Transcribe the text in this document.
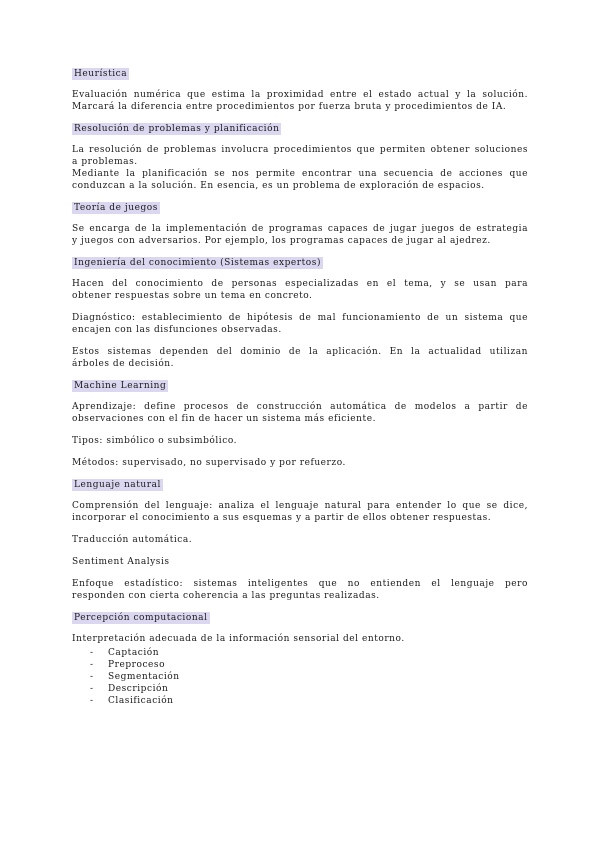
Heurística
Evaluación numérica que estima la proximidad entre el estado actual y la solución.
Marcará la diferencia entre procedimientos por fuerza bruta y procedimientos de IA.
Resolución de problemas y planificación
La resolución de problemas involucra procedimientos que permiten obtener soluciones
a problemas.
Mediante la planificación se nos permite encontrar una secuencia de acciones que
conduzcan a la solución. En esencia, es un problema de exploración de espacios.
Teoría de juegos
Se encarga de la implementación de programas capaces de jugar juegos de estrategia
y juegos con adversarios. Por ejemplo, los programas capaces de jugar al ajedrez.
Ingeniería del conocimiento (Sistemas expertos)
Hacen del conocimiento de personas especializadas en el tema, y se usan para
obtener respuestas sobre un tema en concreto.
Diagnóstico: establecimiento de hipótesis de mal funcionamiento de un sistema que
encajen con las disfunciones observadas.
Estos sistemas dependen del dominio de la aplicación. En la actualidad utilizan
árboles de decisión.
Machine Learning
Aprendizaje: define procesos de construcción automática de modelos a partir de
observaciones con el fin de hacer un sistema más eficiente.
Tipos: simbólico o subsimbólico.
Métodos: supervisado, no supervisado y por refuerzo.
Lenguaje natural
Comprensión del lenguaje: analiza el lenguaje natural para entender lo que se dice,
incorporar el conocimiento a sus esquemas y a partir de ellos obtener respuestas.
Traducción automática.
Sentiment Analysis
Enfoque estadístico: sistemas inteligentes que no entienden el lenguaje pero
responden con cierta coherencia a las preguntas realizadas.
Percepción computacional
Interpretación adecuada de la información sensorial del entorno.
- Captación
- Preproceso
- Segmentación
- Descripción
- Clasificación
